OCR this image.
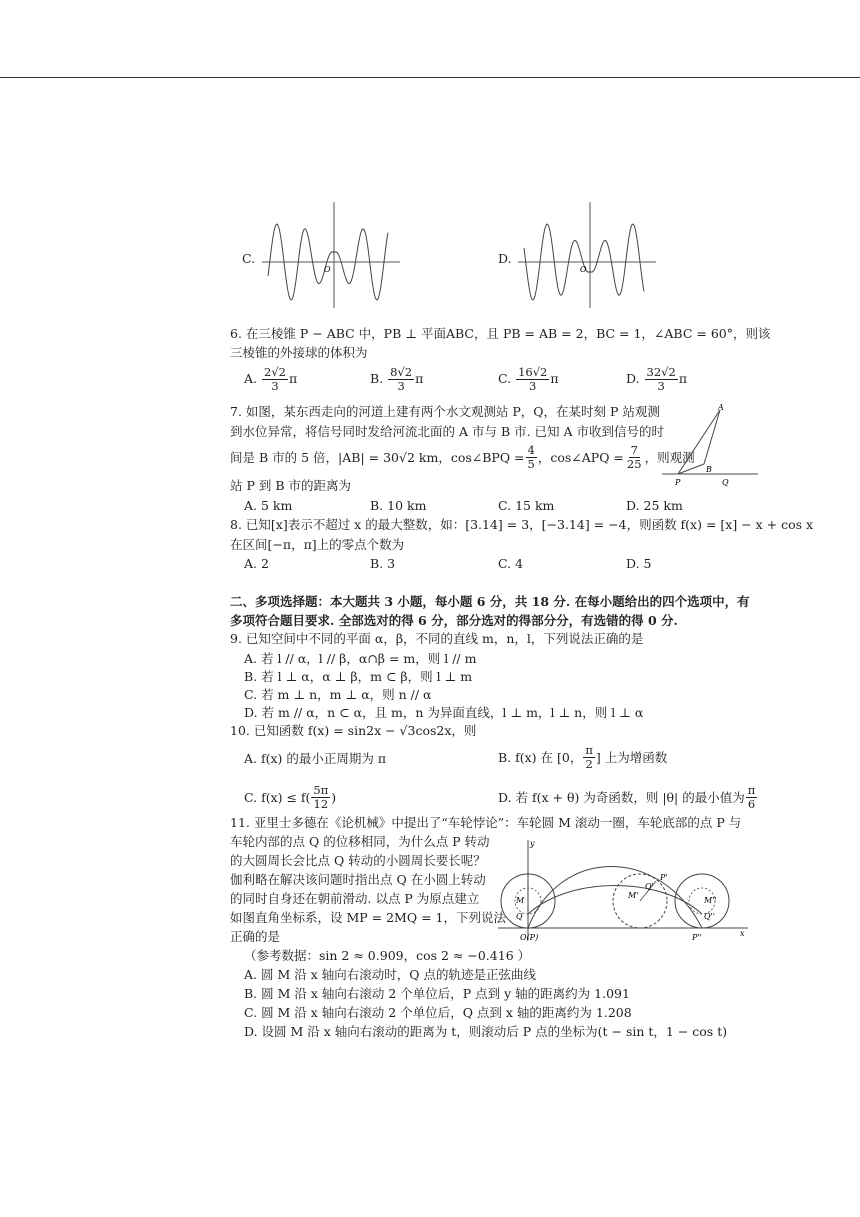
C.
O
D.
O
6. 在三棱锥 P − ABC 中，PB ⊥ 平面ABC，且 PB = AB = 2，BC = 1，∠ABC = 60°，则该
三棱锥的外接球的体积为
A. $\frac{2√2}{3}$ π	B. $\frac{8√2}{3}$ π	C. $\frac{16√2}{3}$ π	D. $\frac{32√2}{3}$ π
7. 如图，某东西走向的河道上建有两个水文观测站 P，Q，在某时刻 P 站观测
到水位异常，将信号同时发给河流北面的 A 市与 B 市. 已知 A 市收到信号的时
间是 B 市的 5 倍，|AB| = 30√2 km，cos∠BPQ = $\frac{4}{5}$ ，cos∠APQ = $\frac{7}{25}$ ，则观测
站 P 到 B 市的距离为
A
B
P	Q
A. 5 km	B. 10 km	C. 15 km	D. 25 km
8. 已知[x]表示不超过 x 的最大整数，如：[3.14] = 3，[−3.14] = −4，则函数 f(x) = [x] − x + cos x
在区间[−π，π]上的零点个数为
A. 2	B. 3	C. 4	D. 5
二、多项选择题：本大题共 3 小题，每小题 6 分，共 18 分. 在每小题给出的四个选项中，有
多项符合题目要求. 全部选对的得 6 分，部分选对的得部分分，有选错的得 0 分.
9. 已知空间中不同的平面 α，β，不同的直线 m，n，l，下列说法正确的是
A. 若 l // α，l // β，α∩β = m，则 l // m
B. 若 l ⊥ α，α ⊥ β，m ⊂ β，则 l ⊥ m
C. 若 m ⊥ n，m ⊥ α，则 n // α
D. 若 m // α，n ⊂ α，且 m，n 为异面直线，l ⊥ m，l ⊥ n，则 l ⊥ α
10. 已知函数 f(x) = sin2x − √3cos2x，则
A. f(x) 的最小正周期为 π	B. f(x) 在 [0， $\frac{\pi}{2}$ ] 上为增函数
C. $f(x) \le f( \frac{5\pi}{12}$ )	D. 若 f(x + θ) 为奇函数，则 |θ| 的最小值为 $\frac{\pi}{6}$
11. 亚里士多德在《论机械》中提出了“车轮悖论”：车轮圆 M 滚动一圈，车轮底部的点 P 与
车轮内部的点 Q 的位移相同，为什么点 P 转动
的大圆周长会比点 Q 转动的小圆周长要长呢？
伽利略在解决该问题时指出点 Q 在小圆上转动
的同时自身还在朝前滑动. 以点 P 为原点建立
如图直角坐标系，设 MP = 2MQ = 1，下列说法
正确的是
（参考数据：sin 2 ≈ 0.909，cos 2 ≈ −0.416 ）
y
x
M
Q
O(P)
P'
Q'
M'
M''
Q''
P''
A. 圆 M 沿 x 轴向右滚动时，Q 点的轨迹是正弦曲线
B. 圆 M 沿 x 轴向右滚动 2 个单位后，P 点到 y 轴的距离约为 1.091
C. 圆 M 沿 x 轴向右滚动 2 个单位后，Q 点到 x 轴的距离约为 1.208
D. 设圆 M 沿 x 轴向右滚动的距离为 t，则滚动后 P 点的坐标为(t − sin t，1 − cos t)
